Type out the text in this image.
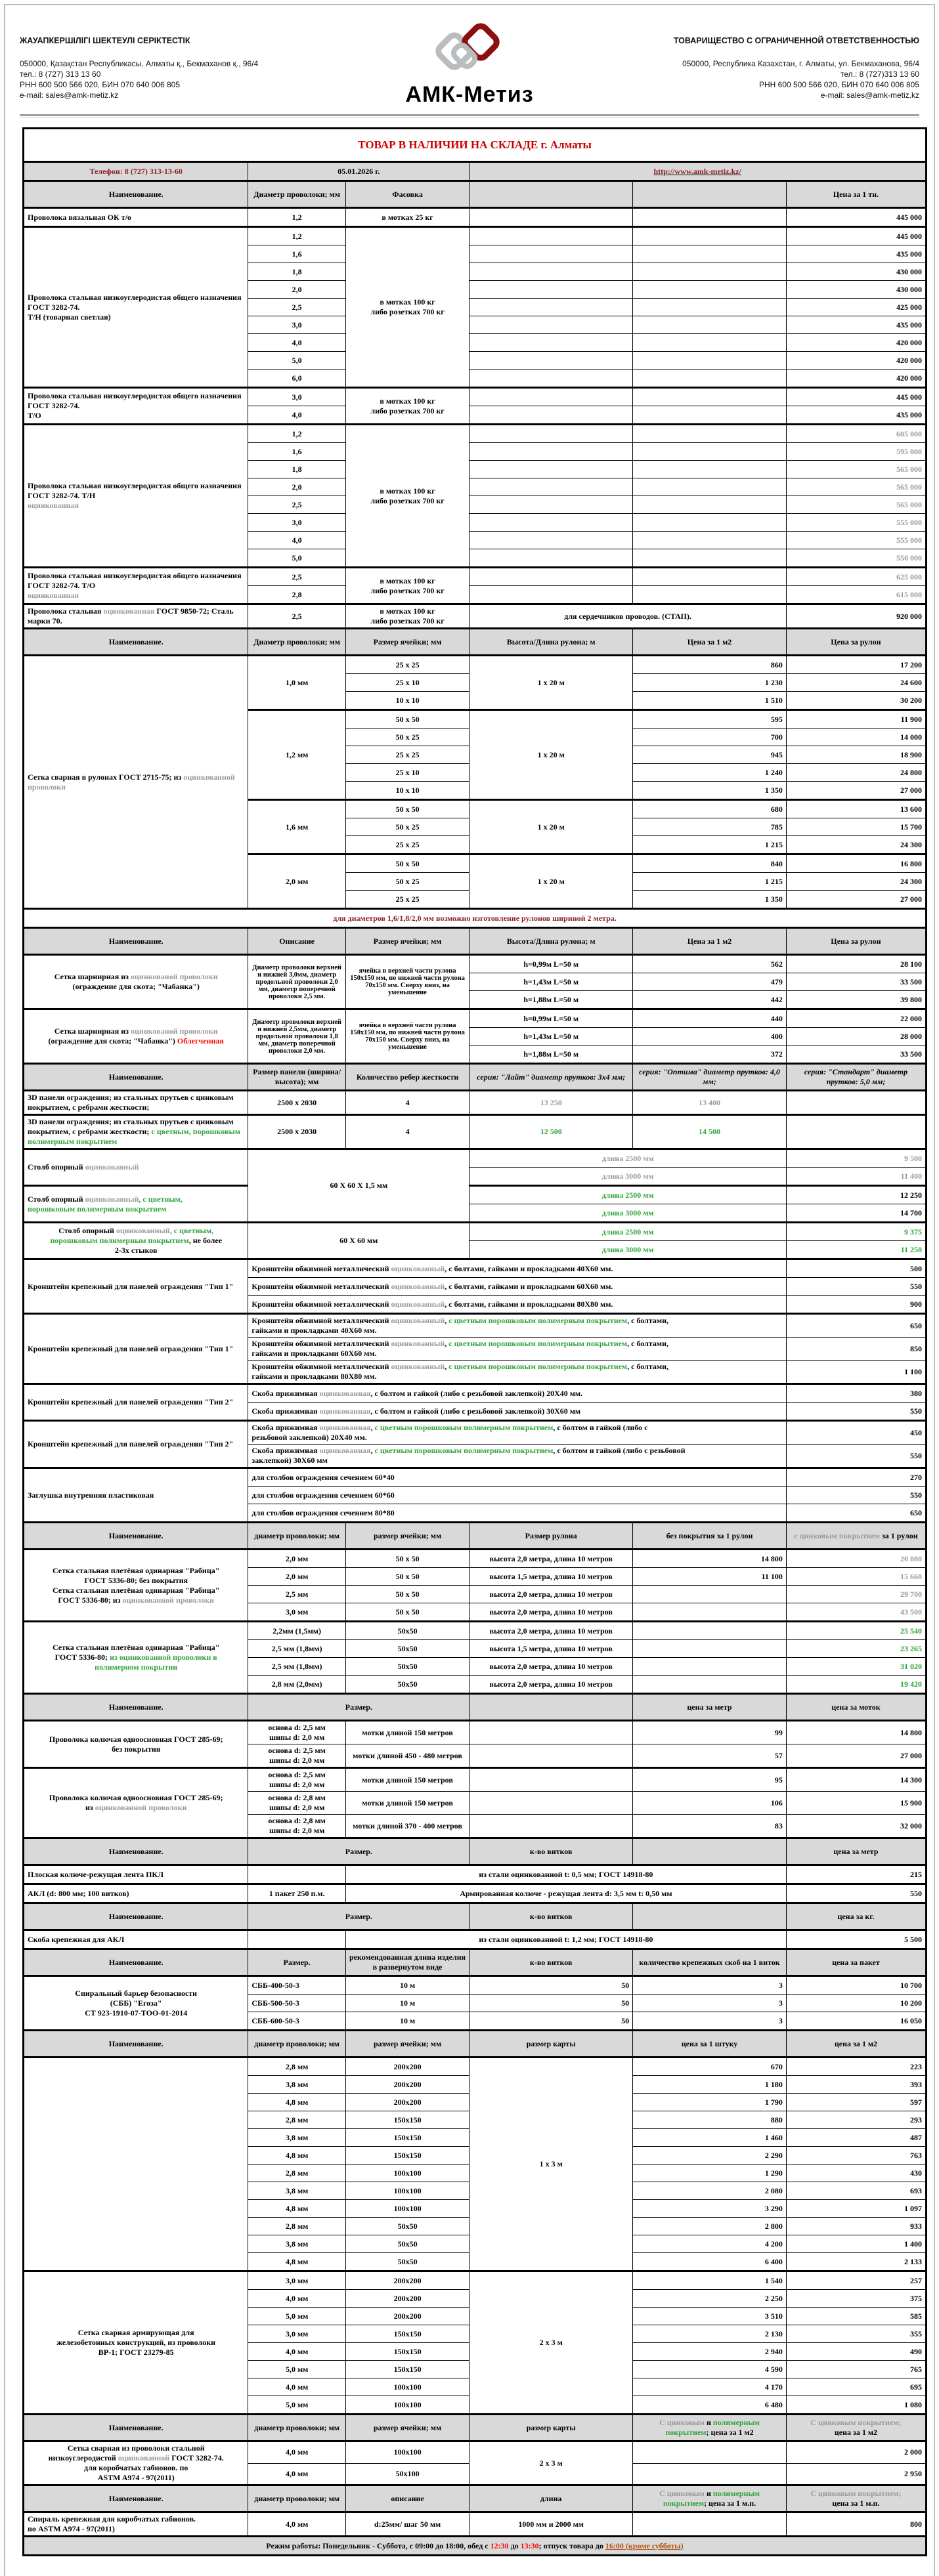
ЖАУАПКЕРШІЛІГІ ШЕКТЕУЛІ СЕРІКТЕСТІК
050000, Қазақстан Республикасы, Алматы қ., Бекмаханов қ., 96/4
тел.: 8 (727) 313 13 60
РНН 600 500 566 020, БИН 070 640 006 805
e-mail: sales@amk-metiz.kz	АМК-Метиз
ТОВАРИЩЕСТВО С ОГРАНИЧЕННОЙ ОТВЕТСТВЕННОСТЬЮ
050000, Республика Казахстан, г. Алматы, ул. Бекмаханова, 96/4
тел.: 8 (727)313 13 60
РНН 600 500 566 020, БИН 070 640 006 805
e-mail: sales@amk-metiz.kz
ТОВАР В НАЛИЧИИ НА СКЛАДЕ г. Алматы					
Телефон: 8 (727) 313-13-60	05.01.2026 г.		http://www.amk-metiz.kz/		
Наименование.	Диаметр проволоки; мм	Фасовка			Цена за 1 тн.
Проволока вязальная ОК т/о	1,2	в мотках 25 кг			445 000
Проволока стальная низкоуглеродистая общего назначения ГОСТ 3282-74.
Т/Н (товарная светлая)	1,2	в мотках 100 кг
либо розетках 700 кг			445 000
	1,6				435 000
	1,8				430 000
	2,0				430 000
	2,5				425 000
	3,0				435 000
	4,0				420 000
	5,0				420 000
	6,0				420 000
Проволока стальная низкоуглеродистая общего назначения ГОСТ 3282-74.
Т/О	3,0	в мотках 100 кг
либо розетках 700 кг			445 000
	4,0				435 000
Проволока стальная низкоуглеродистая общего назначения ГОСТ 3282-74. Т/Н
оцинкованная	1,2	в мотках 100 кг
либо розетках 700 кг			605 000
	1,6				595 000
	1,8				565 000
	2,0				565 000
	2,5				565 000
	3,0				555 000
	4,0				555 000
	5,0				550 000
Проволока стальная низкоуглеродистая общего назначения ГОСТ 3282-74. Т/О
оцинкованная	2,5	в мотках 100 кг
либо розетках 700 кг			625 000
	2,8				615 000
Проволока стальная оцинкованная ГОСТ 9850-72; Сталь марки 70.	2,5	в мотках 100 кг
либо розетках 700 кг	для сердечников проводов. (СТАП).		920 000
Наименование.	Диаметр проволоки; мм	Размер ячейки; мм	Высота/Длина рулона; м	Цена за 1 м2	Цена за рулон
Сетка сварная в рулонах ГОСТ 2715-75; из оцинкованной проволоки	1,0 мм	25 х 25	1 х 20 м	860	17 200
		25 х 10		1 230	24 600
		10 х 10		1 510	30 200
	1,2 мм	50 х 50	1 х 20 м	595	11 900
		50 х 25		700	14 000
		25 х 25		945	18 900
		25 х 10		1 240	24 800
		10 х 10		1 350	27 000
	1,6 мм	50 х 50	1 х 20 м	680	13 600
		50 х 25		785	15 700
		25 х 25		1 215	24 300
	2,0 мм	50 х 50	1 х 20 м	840	16 800
		50 х 25		1 215	24 300
		25 х 25		1 350	27 000
для диаметров 1,6/1,8/2,0 мм возможно изготовление рулонов шириной 2 метра.					
Наименование.	Описание	Размер ячейки; мм	Высота/Длина рулона; м	Цена за 1 м2	Цена за рулон
Сетка шарнирная из оцинкованой проволоки
(ограждение для скота; "Чабанка")	Диаметр проволоки верхней и нижней 3,0мм, диаметр продольной проволоки 2,0 мм, диаметр поперечной проволоки 2,5 мм.	ячейка в верхней части рулона 150х150 мм, по нижней части рулона 70х150 мм. Сверху вниз, на уменьшение	h=0,99м L=50 м	562	28 100
			h=1,43м L=50 м	479	33 500
			h=1,88м L=50 м	442	39 800
Сетка шарнирная из оцинкованой проволоки
(ограждение для скота; "Чабанка") Облегченная	Диаметр проволоки верхней и нижней 2,5мм, диаметр продольной проволоки 1,8 мм, диаметр поперечной проволоки 2,0 мм.	ячейка в верхней части рулона 150х150 мм, по нижней части рулона 70х150 мм. Сверху вниз, на уменьшение	h=0,99м L=50 м	440	22 000
			h=1,43м L=50 м	400	28 000
			h=1,88м L=50 м	372	33 500
Наименование.	Размер панели (ширина/высота); мм	Количество ребер жесткости	серия: "Лайт" диаметр прутков: 3х4 мм;	серия: "Оптима" диаметр прутков: 4,0 мм;	серия: "Стандарт" диаметр прутков: 5,0 мм;
3D панели ограждения; из стальных прутьев с цинковым покрытием, с ребрами жесткости;	2500 х 2030	4	13 250	13 400	
3D панели ограждения; из стальных прутьев с цинковым покрытием, с ребрами жесткости; с цветным, порошковым полимерным покрытием	2500 х 2030	4	12 500	14 500	
Столб опорный оцинкованный	60 Х 60 Х 1,5 мм		длина 2500 мм		9 500
			длина 3000 мм		11 400
Столб опорный оцинкованный, с цветным,
порошковым полимерным покрытием			длина 2500 мм		12 250
			длина 3000 мм		14 700
Столб опорный оцинкованный, с цветным,
порошковым полимерным покрытием, не более
2-3х стыков	60 Х 60 мм		длина 2500 мм		9 375
			длина 3000 мм		11 250
Кронштейн крепежный для панелей ограждения "Тип 1"	Кронштейн обжимной металлический оцинкованный, с болтами, гайками и прокладками 40Х60 мм.				500
	Кронштейн обжимной металлический оцинкованный, с болтами, гайками и прокладками 60Х60 мм.				550
	Кронштейн обжимной металлический оцинкованный, с болтами, гайками и прокладками 80Х80 мм.				900
Кронштейн крепежный для панелей ограждения "Тип 1"	Кронштейн обжимной металлический оцинкованный, с цветным порошковым полимерным покрытием, с болтами,
гайками и прокладками 40Х60 мм.				650
	Кронштейн обжимной металлический оцинкованный, с цветным порошковым полимерным покрытием, с болтами,
гайками и прокладками 60Х60 мм.				850
	Кронштейн обжимной металлический оцинкованный, с цветным порошковым полимерным покрытием, с болтами,
гайками и прокладками 80Х80 мм.				1 100
Кронштейн крепежный для панелей ограждения "Тип 2"	Скоба прижимная оцинкованная, с болтом и гайкой (либо с резьбовой заклепкой) 20Х40 мм.				380
	Скоба прижимная оцинкованная, с болтом и гайкой (либо с резьбовой заклепкой) 30Х60 мм				550
Кронштейн крепежный для панелей ограждения "Тип 2"	Скоба прижимная оцинкованная, с цветным порошковым полимерным покрытием, с болтом и гайкой (либо с
резьбовой заклепкой) 20Х40 мм.				450
	Скоба прижимная оцинкованная, с цветным порошковым полимерным покрытием, с болтом и гайкой (либо с резьбовой
заклепкой) 30Х60 мм				550
Заглушка внутренняя пластиковая	для столбов ограждения сечением 60*40				270
	для столбов ограждения сечением 60*60				550
	для столбов ограждения сечением 80*80				650
Наименование.	диаметр проволоки; мм	размер ячейки; мм	Размер рулона	без покрытия за 1 рулон	с цинковым покрытием за 1 рулон
Сетка стальная плетёная одинарная "Рабица"
ГОСТ 5336-80; без покрытия
Сетка стальная плетёная одинарная "Рабица"
ГОСТ 5336-80; из оцинкованной проволоки	2,0 мм	50 х 50	высота 2,0 метра, длина 10 метров	14 800	20 880
	2,0 мм	50 х 50	высота 1,5 метра, длина 10 метров	11 100	15 660
	2,5 мм	50 х 50	высота 2,0 метра, длина 10 метров		29 700
	3,0 мм	50 х 50	высота 2,0 метра, длина 10 метров		43 500
Сетка стальная плетёная одинарная "Рабица"
ГОСТ 5336-80; из оцинкованной проволоки в
полимерном покрытии	2,2мм (1,5мм)	50х50	высота 2,0 метра, длина 10 метров		25 540
	2,5 мм (1,8мм)	50х50	высота 1,5 метра, длина 10 метров		23 265
	2,5 мм (1,8мм)	50х50	высота 2,0 метра, длина 10 метров		31 020
	2,8 мм (2,0мм)	50х50	высота 2,0 метра, длина 10 метров		19 420
Наименование.	Размер.			цена за метр	цена за моток
Проволока колючая одноосновная ГОСТ 285-69;
без покрытия	основа d: 2,5 мм
шипы d: 2,0 мм	мотки длиной 150 метров		99	14 800
	основа d: 2,5 мм
шипы d: 2,0 мм	мотки длиной 450 - 480 метров		57	27 000
Проволока колючая одноосновная ГОСТ 285-69;
из оцинкованной проволоки	основа d: 2,5 мм
шипы d: 2,0 мм	мотки длиной 150 метров		95	14 300
	основа d: 2,8 мм
шипы d: 2,0 мм	мотки длиной 150 метров		106	15 900
	основа d: 2,8 мм
шипы d: 2,0 мм	мотки длиной 370 - 400 метров		83	32 000
Наименование.	Размер.		к-во витков		цена за метр
Плоская колюче-режущая лента ПКЛ		из стали оцинкованной t: 0,5 мм; ГОСТ 14918-80			215
АКЛ (d: 800 мм; 100 витков)	1 пакет 250 п.м.	Армированная колюче - режущая лента d: 3,5 мм t: 0,50 мм			550
Наименование.	Размер.		к-во витков		цена за кг.
Скоба крепежная для АКЛ		из стали оцинкованной t: 1,2 мм; ГОСТ 14918-80			5 500
Наименование.	Размер.	рекомендованная длина изделия в развернутом виде	к-во витков	количество крепежных скоб на 1 виток	цена за пакет
Спиральный барьер безопасности
(СББ) "Егоза"
СТ 923-1910-07-ТОО-01-2014	СББ-400-50-3	10 м	50	3	10 700
	СББ-500-50-3	10 м	50	3	10 200
	СББ-600-50-3	10 м	50	3	16 050
Наименование.	диаметр проволоки; мм	размер ячейки; мм	размер карты	цена за 1 штуку	цена за 1 м2
	2,8 мм	200х200	1 х 3 м	670	223
	3,8 мм	200х200		1 180	393
	4,8 мм	200х200		1 790	597
	2,8 мм	150х150		880	293
	3,8 мм	150х150		1 460	487
	4,8 мм	150х150		2 290	763
	2,8 мм	100х100		1 290	430
	3,8 мм	100х100		2 080	693
	4,8 мм	100х100		3 290	1 097
	2,8 мм	50х50		2 800	933
	3,8 мм	50х50		4 200	1 400
	4,8 мм	50х50		6 400	2 133
Сетка сварная армирующая для
железобетонных конструкций, из проволоки
ВР-1; ГОСТ 23279-85	3,0 мм	200х200	2 х 3 м	1 540	257
	4,0 мм	200х200		2 250	375
	5,0 мм	200х200		3 510	585
	3,0 мм	150х150		2 130	355
	4,0 мм	150х150		2 940	490
	5,0 мм	150х150		4 590	765
	4,0 мм	100х100		4 170	695
	5,0 мм	100х100		6 480	1 080
Наименование.	диаметр проволоки; мм	размер ячейки; мм	размер карты	С цинковым и полимерным
покрытием; цена за 1 м2	С цинковым покрытием;
цена за 1 м2
Сетка сварная из проволоки стальной
низкоуглеродистой оцинкованной ГОСТ 3282-74.
для коробчатых габионов. по
ASTM A974 - 97(2011)	4,0 мм	100х100	2 х 3 м		2 000
	4,0 мм	50х100			2 950
Наименование.	диаметр проволоки; мм	описание	длина	С цинковым и полимерным
покрытием; цена за 1 м.п.	С цинковым покрытием;
цена за 1 м.п.
Спираль крепежная для коробчатых габионов.
по ASTM A974 - 97(2011)	4,0 мм	d:25мм/ шаг 50 мм	1000 мм и 2000 мм		800
Режим работы: Понедельник - Суббота, с 09:00 до 18:00, обед с 12:30 до 13:30; отпуск товара до 16:00 (кроме субботы)					
